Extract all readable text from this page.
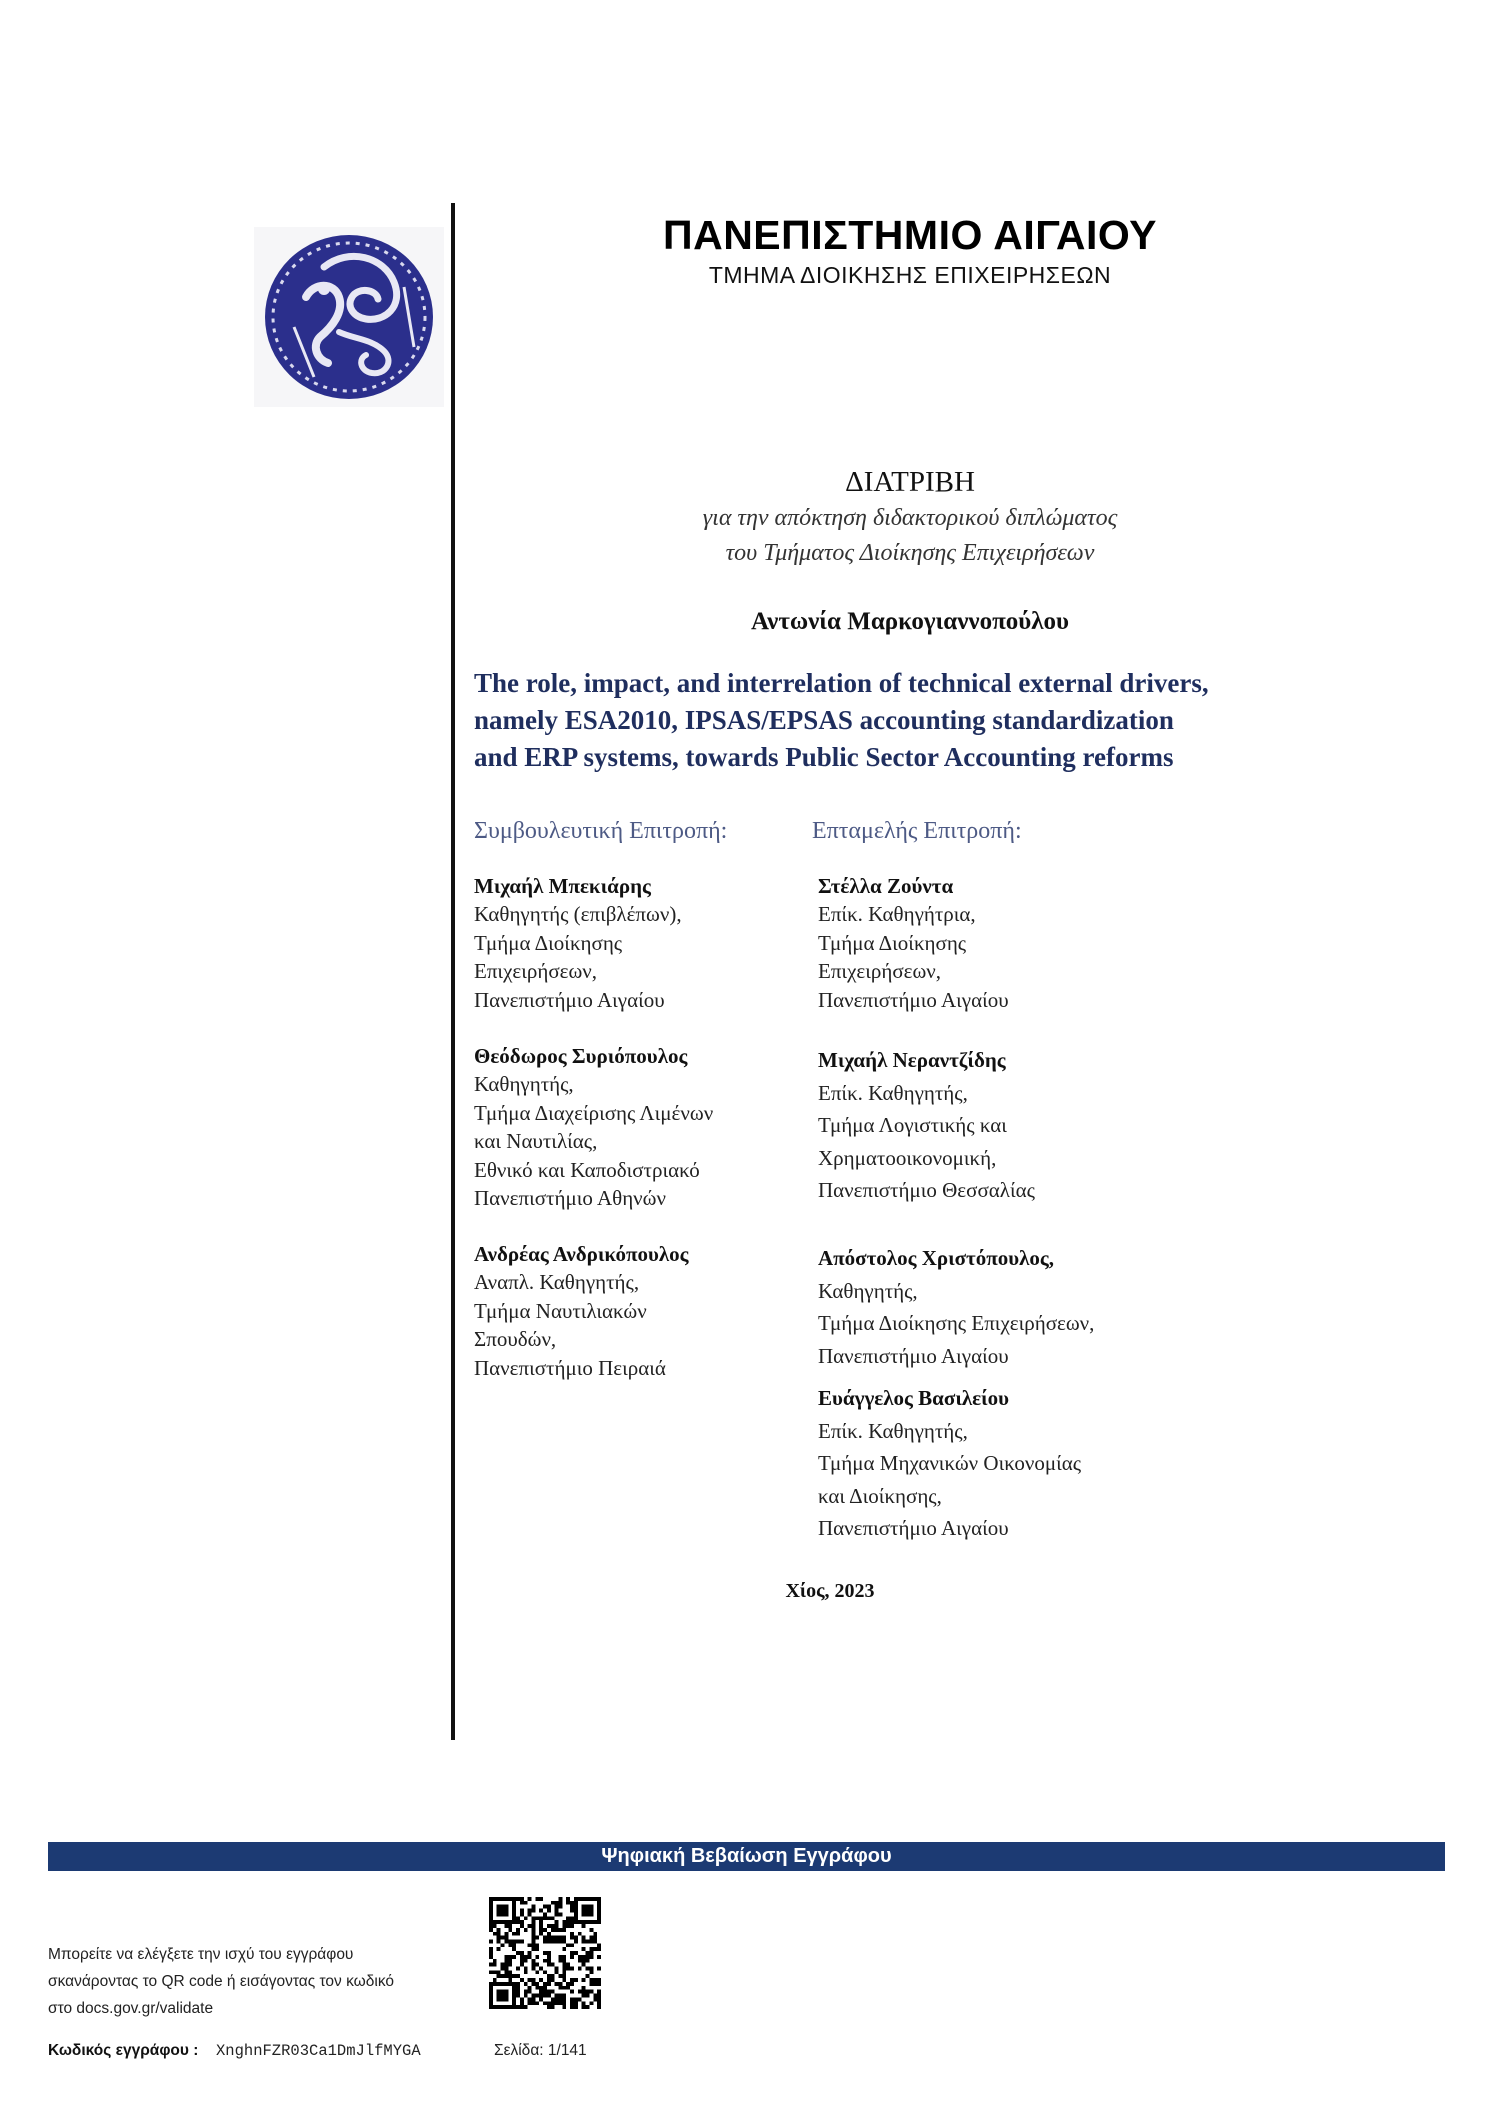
ΠΑΝΕΠΙΣΤΗΜΙΟ ΑΙΓΑΙΟΥ
ΤΜΗΜΑ ΔΙΟΙΚΗΣΗΣ ΕΠΙΧΕΙΡΗΣΕΩΝ
ΔΙΑΤΡΙΒΗ
για την απόκτηση διδακτορικού διπλώματος
του Τμήματος Διοίκησης Επιχειρήσεων
Αντωνία Μαρκογιαννοπούλου
The role, impact, and interrelation of technical external drivers,
namely ESA2010, IPSAS/EPSAS accounting standardization
and ERP systems, towards Public Sector Accounting reforms
Συμβουλευτική Επιτροπή:	Επταμελής Επιτροπή:
Μιχαήλ Μπεκιάρης
Καθηγητής (επιβλέπων),
Τμήμα Διοίκησης
Επιχειρήσεων,
Πανεπιστήμιο Αιγαίου
Θεόδωρος Συριόπουλος
Καθηγητής,
Τμήμα Διαχείρισης Λιμένων
και Ναυτιλίας,
Εθνικό και Καποδιστριακό
Πανεπιστήμιο Αθηνών
Ανδρέας Ανδρικόπουλος
Αναπλ. Καθηγητής,
Τμήμα Ναυτιλιακών
Σπουδών,
Πανεπιστήμιο Πειραιά
Στέλλα Ζούντα
Επίκ. Καθηγήτρια,
Τμήμα Διοίκησης
Επιχειρήσεων,
Πανεπιστήμιο Αιγαίου
Μιχαήλ Νεραντζίδης
Επίκ. Καθηγητής,
Τμήμα Λογιστικής και
Χρηματοοικονομική,
Πανεπιστήμιο Θεσσαλίας
Απόστολος Χριστόπουλος,
Καθηγητής,
Τμήμα Διοίκησης Επιχειρήσεων,
Πανεπιστήμιο Αιγαίου
Ευάγγελος Βασιλείου
Επίκ. Καθηγητής,
Τμήμα Μηχανικών Οικονομίας
και Διοίκησης,
Πανεπιστήμιο Αιγαίου
Χίος, 2023
Ψηφιακή Βεβαίωση Εγγράφου
Μπορείτε να ελέγξετε την ισχύ του εγγράφου
σκανάροντας το QR code ή εισάγοντας τον κωδικό
στο docs.gov.gr/validate
Κωδικός εγγράφου : XnghnFZR03Ca1DmJlfMYGA	Σελίδα: 1/141
